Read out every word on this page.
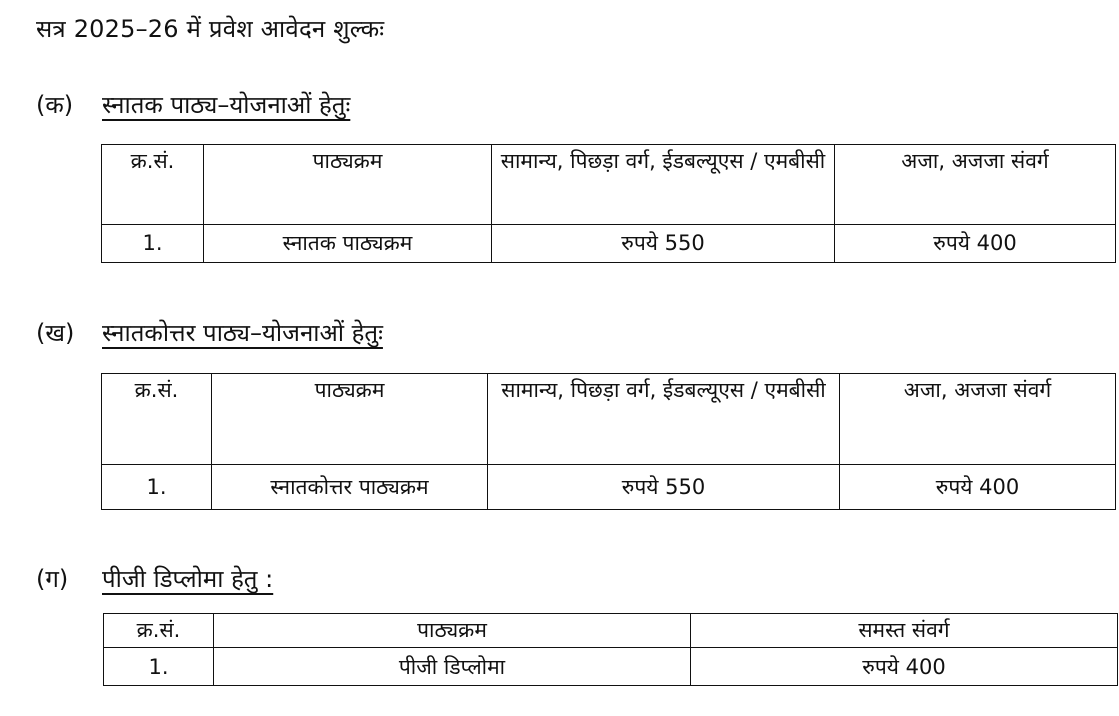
सत्र 2025–26 में प्रवेश आवेदन शुल्कः
(क)	स्नातक पाठ्य–योजनाओं हेतुः
क्र.सं.	पाठ्यक्रम	सामान्य, पिछड़ा वर्ग, ईडबल्यूएस / एमबीसी	अजा, अजजा संवर्ग
1.	स्नातक पाठ्यक्रम	रुपये 550	रुपये 400
(ख)	स्नातकोत्तर पाठ्य–योजनाओं हेतुः
क्र.सं.	पाठ्यक्रम	सामान्य, पिछड़ा वर्ग, ईडबल्यूएस / एमबीसी	अजा, अजजा संवर्ग
1.	स्नातकोत्तर पाठ्यक्रम	रुपये 550	रुपये 400
(ग)	पीजी डिप्लोमा हेतु :
क्र.सं.	पाठ्यक्रम	समस्त संवर्ग
1.	पीजी डिप्लोमा	रुपये 400
